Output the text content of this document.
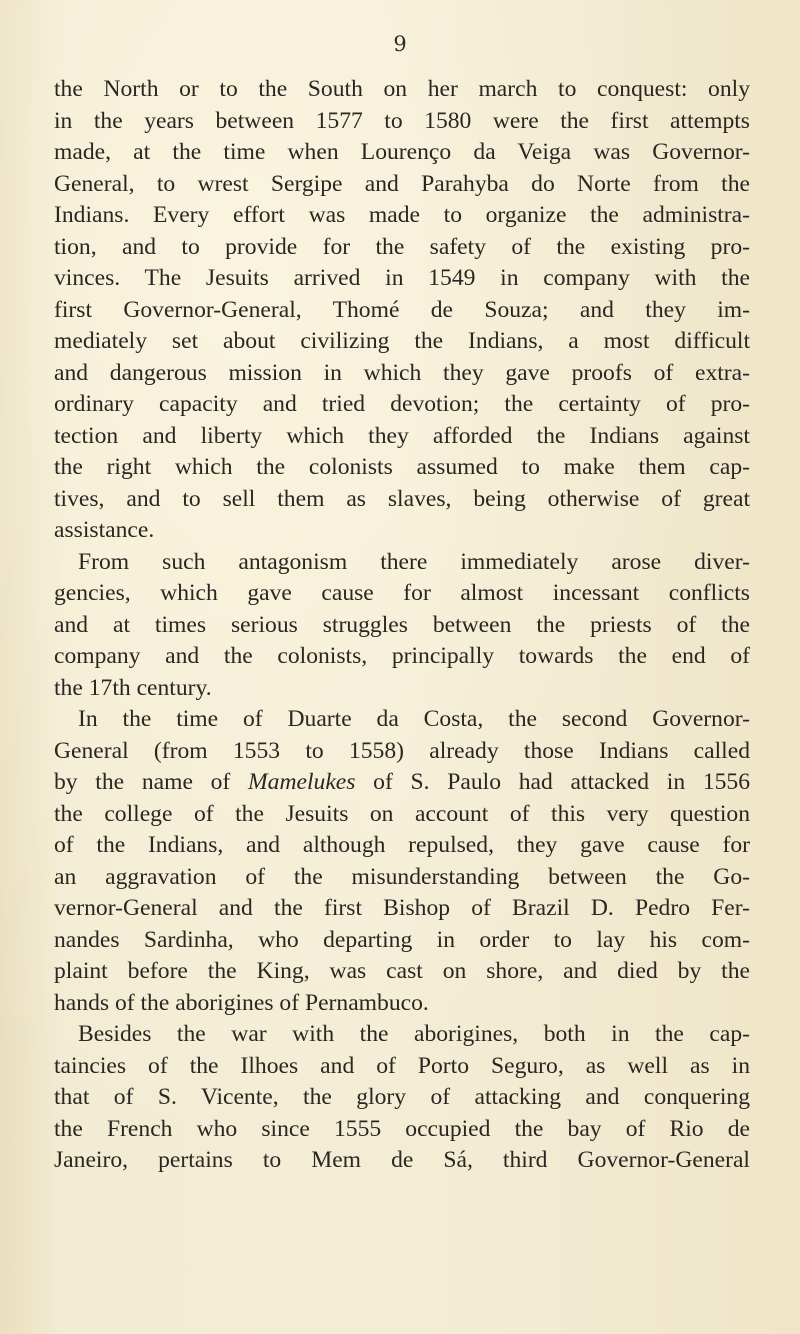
9
the North or to the South on her march to conquest: only
in the years between 1577 to 1580 were the first attempts
made, at the time when Lourenço da Veiga was Governor-
General, to wrest Sergipe and Parahyba do Norte from the
Indians. Every effort was made to organize the administra-
tion, and to provide for the safety of the existing pro-
vinces. The Jesuits arrived in 1549 in company with the
first Governor-General, Thomé de Souza; and they im-
mediately set about civilizing the Indians, a most difficult
and dangerous mission in which they gave proofs of extra-
ordinary capacity and tried devotion; the certainty of pro-
tection and liberty which they afforded the Indians against
the right which the colonists assumed to make them cap-
tives, and to sell them as slaves, being otherwise of great
assistance.
From such antagonism there immediately arose diver-
gencies, which gave cause for almost incessant conflicts
and at times serious struggles between the priests of the
company and the colonists, principally towards the end of
the 17th century.
In the time of Duarte da Costa, the second Governor-
General (from 1553 to 1558) already those Indians called
by the name of Mamelukes of S. Paulo had attacked in 1556
the college of the Jesuits on account of this very question
of the Indians, and although repulsed, they gave cause for
an aggravation of the misunderstanding between the Go-
vernor-General and the first Bishop of Brazil D. Pedro Fer-
nandes Sardinha, who departing in order to lay his com-
plaint before the King, was cast on shore, and died by the
hands of the aborigines of Pernambuco.
Besides the war with the aborigines, both in the cap-
taincies of the Ilhoes and of Porto Seguro, as well as in
that of S. Vicente, the glory of attacking and conquering
the French who since 1555 occupied the bay of Rio de
Janeiro, pertains to Mem de Sá, third Governor-General
